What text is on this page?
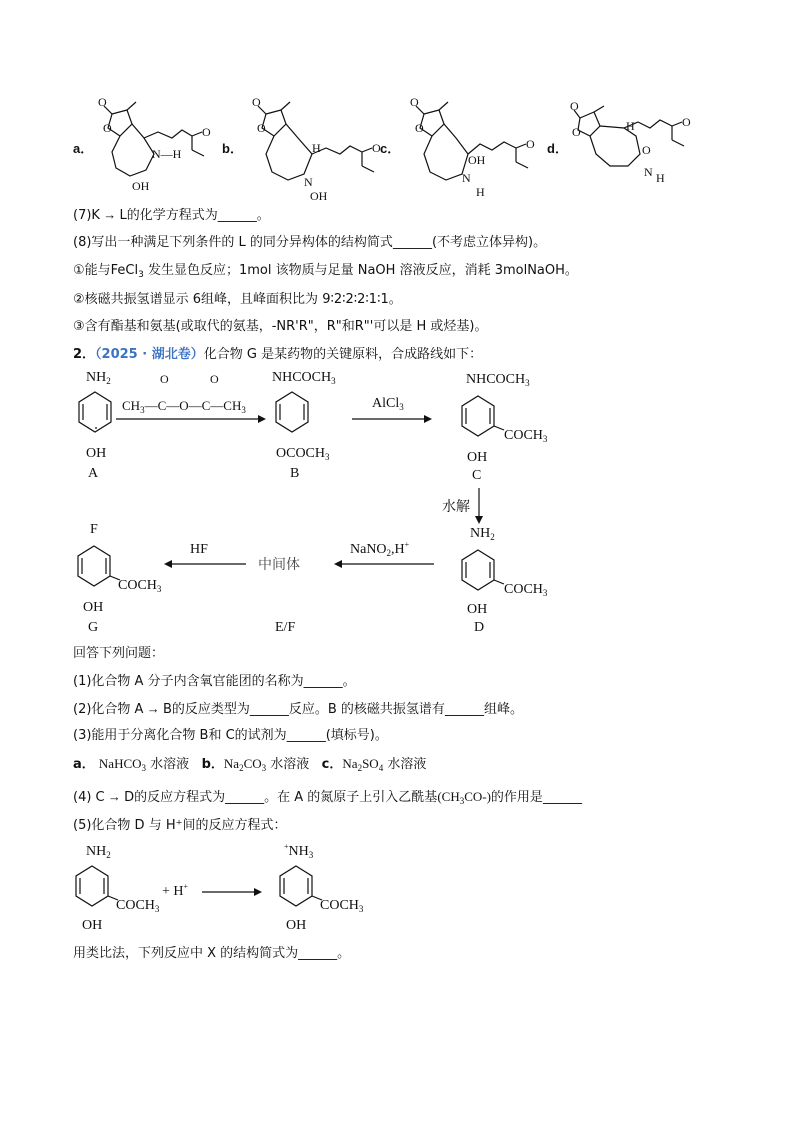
a．	b．	c．	d．
O
O	O
N—H
OH
O
O
O
H
N
OH
O
O
O
OH
N
H
O
O
O
H
O
N H
(7)K → L的化学方程式为______。
(8)写出一种满足下列条件的 L 的同分异构体的结构简式______(不考虑立体异构)。
①能与FeCl$_3$ 发生显色反应；1mol 该物质与足量 NaOH 溶液反应，消耗 3molNaOH。
②核磁共振氢谱显示 6组峰，且峰面积比为 9∶2∶2∶2∶1∶1。
③含有酯基和氨基(或取代的氨基，-NR'R"，R"和R"'可以是 H 或烃基)。
2．（2025 · 湖北卷）化合物 G 是某药物的关键原料，合成路线如下：
$NH_2$
OH
A
$CH_3—C—O—C—CH_3$
O	O	$NHCOCH_3$
$OCOCH_3$
B
AlCl$_3$
$NHCOCH_3$
$COCH_3$
OH
C
水解
$NH_2$
$COCH_3$
OH
D
NaNO$_2$,H+
中间体
E/F
HF
F
$COCH_3$
OH
G
回答下列问题：
(1)化合物 A 分子内含氧官能团的名称为______。
(2)化合物 A → B的反应类型为______反应。B 的核磁共振氢谱有______组峰。
(3)能用于分离化合物 B和 C的试剂为______(填标号)。
a． NaHCO$_3$ 水溶液 b．$Na_2CO_3$ 水溶液 c．$Na_2SO_4$ 水溶液
(4) C → D的反应方程式为______。在 A 的氮原子上引入乙酰基$(CH_3CO-)$的作用是______
(5)化合物 D 与 H⁺间的反应方程式：
$NH_2$
$COCH_3$
OH
+ H+
$^+NH_3$
$COCH_3$
OH
用类比法，下列反应中 X 的结构简式为______。
